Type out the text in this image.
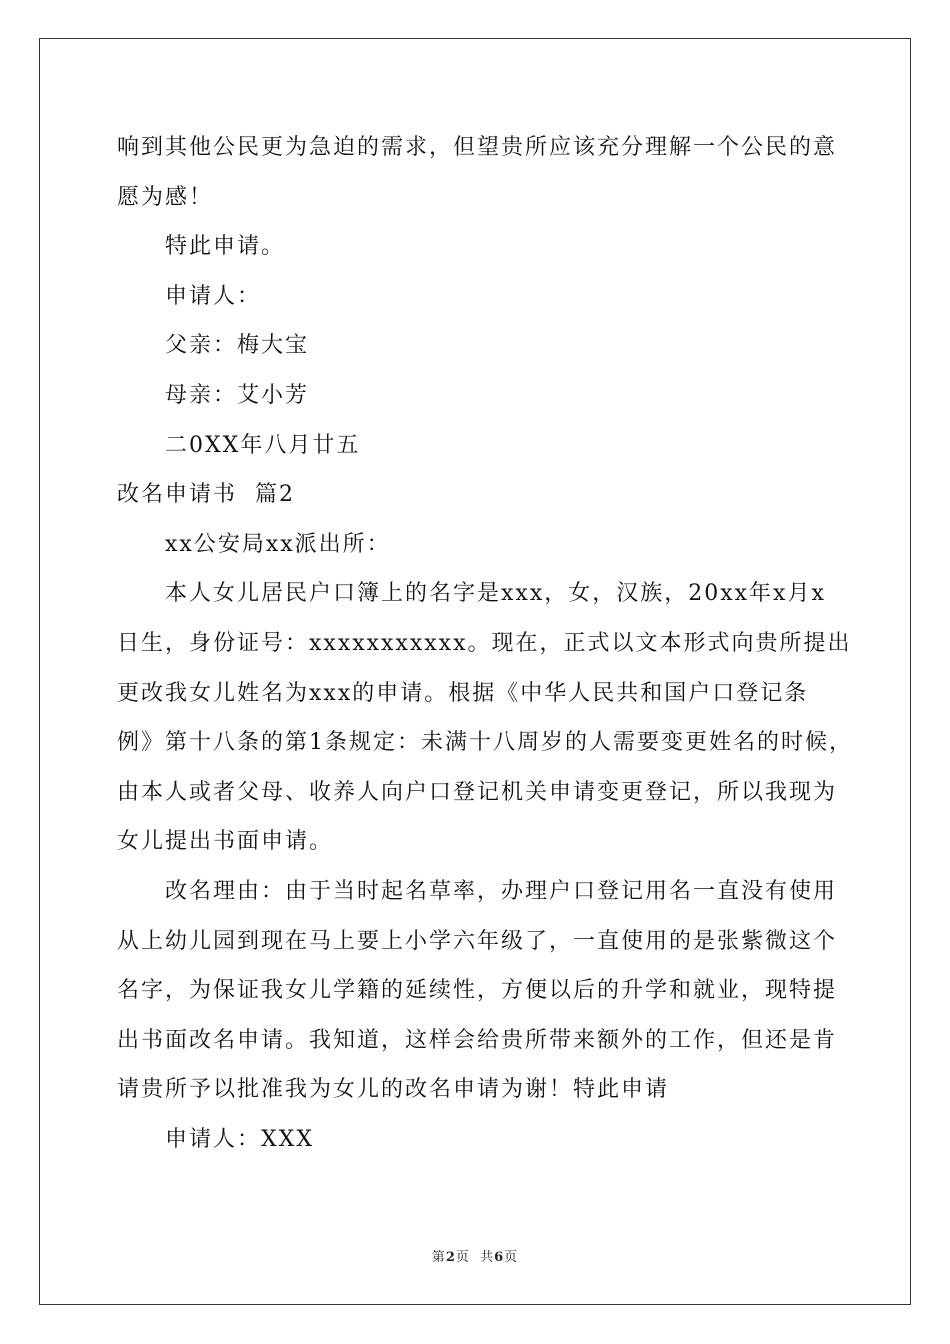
响到其他公民更为急迫的需求，但望贵所应该充分理解一个公民的意
愿为感！
特此申请。
申请人：
父亲：梅大宝
母亲：艾小芳
二0XX年八月廿五
改名申请书  篇2
xx公安局xx派出所：
本人女儿居民户口簿上的名字是xxx，女，汉族，20xx年x月x
日生，身份证号：xxxxxxxxxxx。现在，正式以文本形式向贵所提出
更改我女儿姓名为xxx的申请。根据《中华人民共和国户口登记条
例》第十八条的第1条规定：未满十八周岁的人需要变更姓名的时候，
由本人或者父母、收养人向户口登记机关申请变更登记，所以我现为
女儿提出书面申请。
改名理由：由于当时起名草率，办理户口登记用名一直没有使用
从上幼儿园到现在马上要上小学六年级了，一直使用的是张紫微这个
名字，为保证我女儿学籍的延续性，方便以后的升学和就业，现特提
出书面改名申请。我知道，这样会给贵所带来额外的工作，但还是肯
请贵所予以批准我为女儿的改名申请为谢！特此申请
申请人：XXX
第2页  共6页
